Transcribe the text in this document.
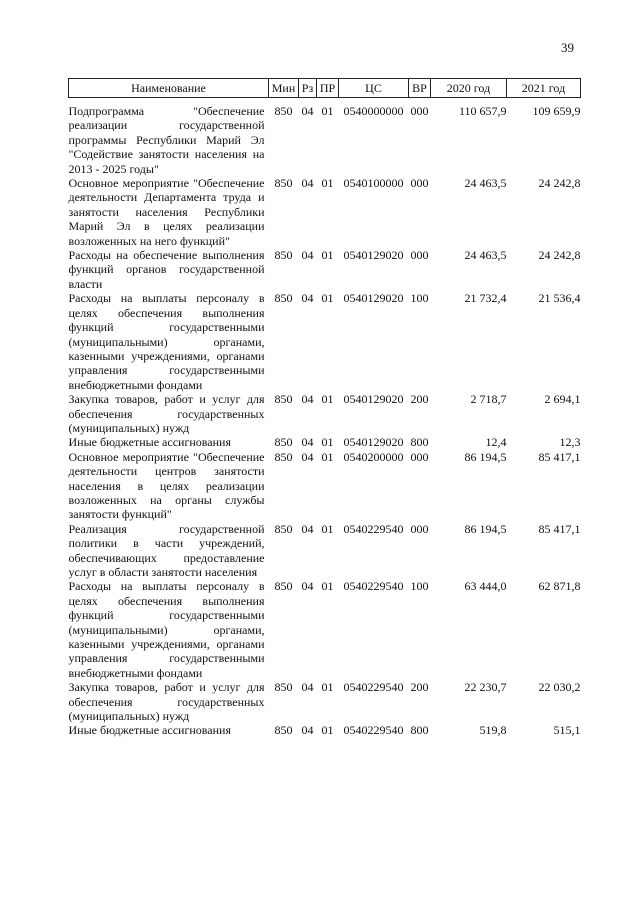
39
Наименование	Мин	Рз	ПР	ЦС	ВР	2020 год	2021 год
Подпрограмма "Обеспечение реализации государственной программы Республики Марий Эл "Содействие занятости населения на 2013 - 2025 годы"	850	04	01	0540000000	000	110 657,9	109 659,9
Основное мероприятие "Обеспечение деятельности Департамента труда и занятости населения Республики Марий Эл в целях реализации возложенных на него функций"	850	04	01	0540100000	000	24 463,5	24 242,8
Расходы на обеспечение выполнения функций органов государственной власти	850	04	01	0540129020	000	24 463,5	24 242,8
Расходы на выплаты персоналу в целях обеспечения выполнения функций государственными (муниципальными) органами, казенными учреждениями, органами управления государственными внебюджетными фондами	850	04	01	0540129020	100	21 732,4	21 536,4
Закупка товаров, работ и услуг для обеспечения государственных (муниципальных) нужд	850	04	01	0540129020	200	2 718,7	2 694,1
Иные бюджетные ассигнования	850	04	01	0540129020	800	12,4	12,3
Основное мероприятие "Обеспечение деятельности центров занятости населения в целях реализации возложенных на органы службы занятости функций"	850	04	01	0540200000	000	86 194,5	85 417,1
Реализация государственной политики в части учреждений, обеспечивающих предоставление услуг в области занятости населения	850	04	01	0540229540	000	86 194,5	85 417,1
Расходы на выплаты персоналу в целях обеспечения выполнения функций государственными (муниципальными) органами, казенными учреждениями, органами управления государственными внебюджетными фондами	850	04	01	0540229540	100	63 444,0	62 871,8
Закупка товаров, работ и услуг для обеспечения государственных (муниципальных) нужд	850	04	01	0540229540	200	22 230,7	22 030,2
Иные бюджетные ассигнования	850	04	01	0540229540	800	519,8	515,1
